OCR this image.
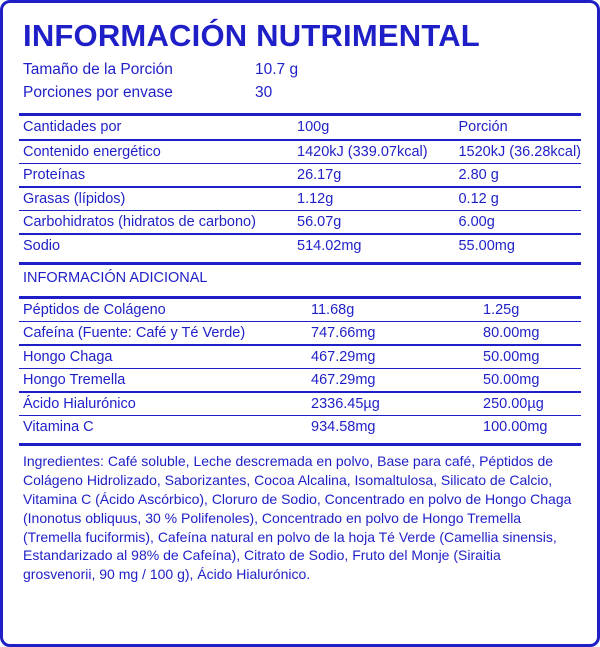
INFORMACIÓN NUTRIMENTAL
Tamaño de la Porción	10.7 g
Porciones por envase	30
Cantidades por	100g	Porción

Contenido energético	1420kJ (339.07kcal)	1520kJ (36.28kcal)

Proteínas	26.17g	2.80 g

Grasas (lípidos)	1.12g	0.12 g

Carbohidratos (hidratos de carbono)	56.07g	6.00g

Sodio	514.02mg	55.00mg
INFORMACIÓN ADICIONAL
Péptidos de Colágeno	11.68g	1.25g

Cafeína (Fuente: Café y Té Verde)	747.66mg	80.00mg

Hongo Chaga	467.29mg	50.00mg

Hongo Tremella	467.29mg	50.00mg

Ácido Hialurónico	2336.45µg	250.00µg

Vitamina C	934.58mg	100.00mg
Ingredientes: Café soluble, Leche descremada en polvo, Base para café, Péptidos de Colágeno Hidrolizado, Saborizantes, Cocoa Alcalina, Isomaltulosa, Silicato de Calcio, Vitamina C (Ácido Ascórbico), Cloruro de Sodio, Concentrado en polvo de Hongo Chaga (Inonotus obliquus, 30 % Polifenoles), Concentrado en polvo de Hongo Tremella (Tremella fuciformis), Cafeína natural en polvo de la hoja Té Verde (Camellia sinensis, Estandarizado al 98% de Cafeína), Citrato de Sodio, Fruto del Monje (Siraitia grosvenorii, 90 mg / 100 g), Ácido Hialurónico.
